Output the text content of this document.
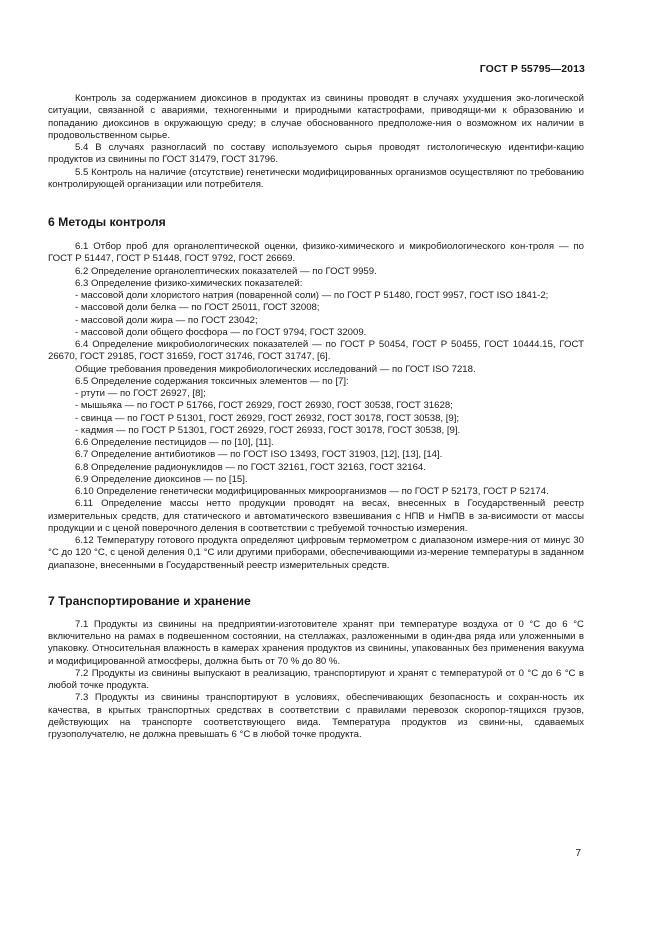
ГОСТ Р 55795—2013

Контроль за содержанием диоксинов в продуктах из свинины проводят в случаях ухудшения эко-логической ситуации, связанной с авариями, техногенными и природными катастрофами, приводящи-ми к образованию и попаданию диоксинов в окружающую среду; в случае обоснованного предположе-ния о возможном их наличии в продовольственном сырье.

5.4 В случаях разногласий по составу используемого сырья проводят гистологическую идентифи-кацию продуктов из свинины по ГОСТ 31479, ГОСТ 31796.

5.5 Контроль на наличие (отсутствие) генетически модифицированных организмов осуществляют по требованию контролирующей организации или потребителя.

6 Методы контроля

6.1 Отбор проб для органолептической оценки, физико-химического и микробиологического кон-троля — по ГОСТ Р 51447, ГОСТ Р 51448, ГОСТ 9792, ГОСТ 26669.

6.2 Определение органолептических показателей — по ГОСТ 9959.

6.3 Определение физико-химических показателей:

- массовой доли хлористого натрия (поваренной соли) — по ГОСТ Р 51480, ГОСТ 9957, ГОСТ ISO 1841-2;

- массовой доли белка — по ГОСТ 25011, ГОСТ 32008;

- массовой доли жира — по ГОСТ 23042;

- массовой доли общего фосфора — по ГОСТ 9794, ГОСТ 32009.

6.4 Определение микробиологических показателей — по ГОСТ Р 50454, ГОСТ Р 50455, ГОСТ 10444.15, ГОСТ 26670, ГОСТ 29185, ГОСТ 31659, ГОСТ 31746, ГОСТ 31747, [6].

Общие требования проведения микробиологических исследований — по ГОСТ ISO 7218.

6.5 Определение содержания токсичных элементов — по [7]:

- ртути — по ГОСТ 26927, [8];

- мышьяка — по ГОСТ Р 51766, ГОСТ 26929, ГОСТ 26930, ГОСТ 30538, ГОСТ 31628;

- свинца — по ГОСТ Р 51301, ГОСТ 26929, ГОСТ 26932, ГОСТ 30178, ГОСТ 30538, [9];

- кадмия — по ГОСТ Р 51301, ГОСТ 26929, ГОСТ 26933, ГОСТ 30178, ГОСТ 30538, [9].

6.6 Определение пестицидов — по [10], [11].

6.7 Определение антибиотиков — по ГОСТ ISO 13493, ГОСТ 31903, [12], [13], [14].

6.8 Определение радионуклидов — по ГОСТ 32161, ГОСТ 32163, ГОСТ 32164.

6.9 Определение диоксинов — по [15].

6.10 Определение генетически модифицированных микроорганизмов — по ГОСТ Р 52173, ГОСТ Р 52174.

6.11 Определение массы нетто продукции проводят на весах, внесенных в Государственный реестр измерительных средств, для статического и автоматического взвешивания с НПВ и НмПВ в за-висимости от массы продукции и с ценой поверочного деления в соответствии с требуемой точностью измерения.

6.12 Температуру готового продукта определяют цифровым термометром с диапазоном измере-ния от минус 30 °С до 120 °С, с ценой деления 0,1 °С или другими приборами, обеспечивающими из-мерение температуры в заданном диапазоне, внесенными в Государственный реестр измерительных средств.

7 Транспортирование и хранение

7.1 Продукты из свинины на предприятии-изготовителе хранят при температуре воздуха от 0 °С до 6 °С включительно на рамах в подвешенном состоянии, на стеллажах, разложенными в один-два ряда или уложенными в упаковку. Относительная влажность в камерах хранения продуктов из свинины, упакованных без применения вакуума и модифицированной атмосферы, должна быть от 70 % до 80 %.

7.2 Продукты из свинины выпускают в реализацию, транспортируют и хранят с температурой от 0 °С до 6 °С в любой точке продукта.

7.3 Продукты из свинины транспортируют в условиях, обеспечивающих безопасность и сохран-ность их качества, в крытых транспортных средствах в соответствии с правилами перевозок скоропор-тящихся грузов, действующих на транспорте соответствующего вида. Температура продуктов из свини-ны, сдаваемых грузополучателю, не должна превышать 6 °С в любой точке продукта.

7
